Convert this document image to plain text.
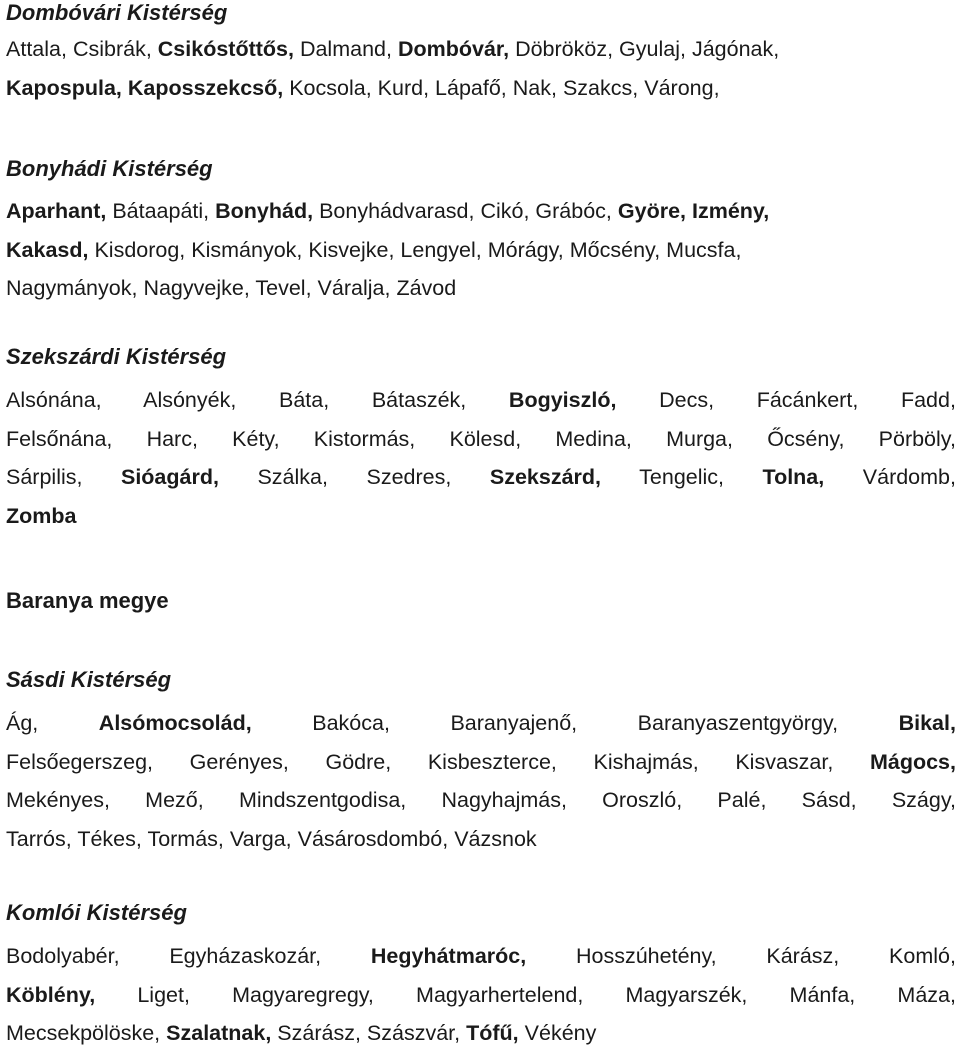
Dombóvári Kistérség

Attala, Csibrák, Csikóstőttős, Dalmand, Dombóvár, Döbrököz, Gyulaj, Jágónak,
Kapospula, Kaposszekcső, Kocsola, Kurd, Lápafő, Nak, Szakcs, Várong,

Bonyhádi Kistérség

Aparhant, Bátaapáti, Bonyhád, Bonyhádvarasd, Cikó, Grábóc, Györe, Izmény,
Kakasd, Kisdorog, Kismányok, Kisvejke, Lengyel, Mórágy, Mőcsény, Mucsfa,
Nagymányok, Nagyvejke, Tevel, Váralja, Závod

Szekszárdi Kistérség

Alsónána, Alsónyék, Báta, Bátaszék, Bogyiszló, Decs, Fácánkert, Fadd,
Felsőnána, Harc, Kéty, Kistormás, Kölesd, Medina, Murga, Őcsény, Pörböly,
Sárpilis, Sióagárd, Szálka, Szedres, Szekszárd, Tengelic, Tolna, Várdomb,
Zomba

Baranya megye
Sásdi Kistérség

Ág,	Alsómocsolád,	Bakóca,	Baranyajenő,	Baranyaszentgyörgy,	Bikal,
Felsőegerszeg, Gerényes, Gödre, Kisbeszterce, Kishajmás, Kisvaszar, Mágocs,
Mekényes, Mező, Mindszentgodisa, Nagyhajmás, Oroszló, Palé, Sásd, Szágy,
Tarrós, Tékes, Tormás, Varga, Vásárosdombó, Vázsnok

Komlói Kistérség

Bodolyabér, Egyházaskozár, Hegyhátmaróc, Hosszúhetény, Kárász, Komló,
Köblény, Liget, Magyaregregy, Magyarhertelend, Magyarszék, Mánfa, Máza,
Mecsekpölöske, Szalatnak, Szárász, Szászvár, Tófű, Vékény
